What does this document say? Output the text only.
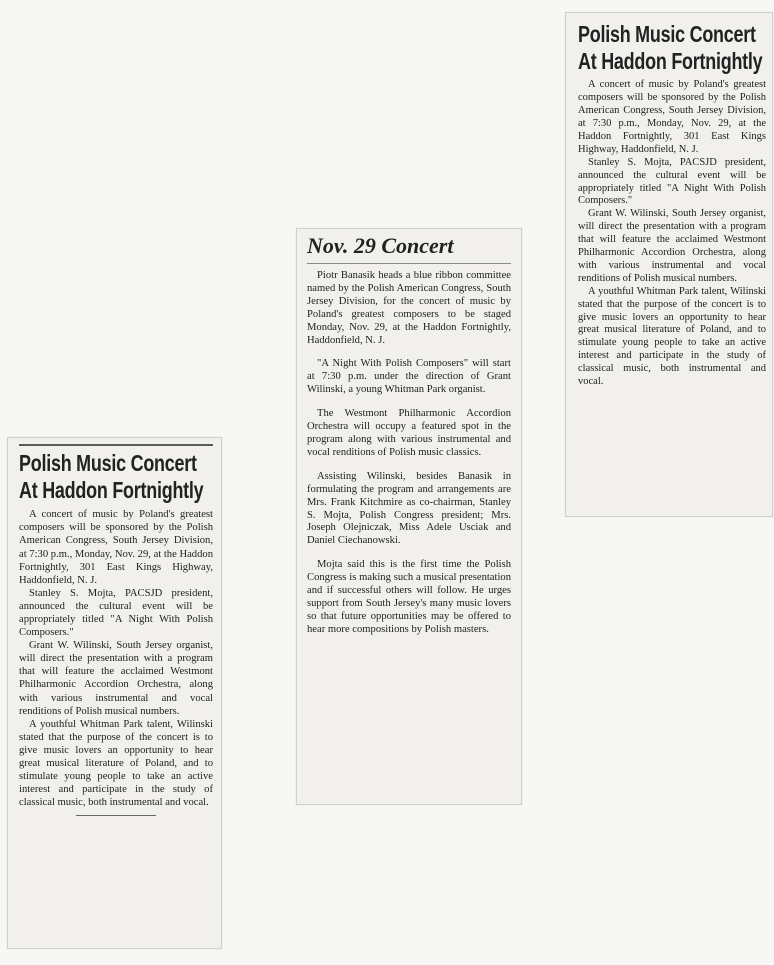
Polish Music Concert
At Haddon Fortnightly

A concert of music by Poland's greatest composers will be sponsored by the Polish American Congress, South Jersey Division, at 7:30 p.m., Monday, Nov. 29, at the Haddon Fortnightly, 301 East Kings Highway, Haddonfield, N. J.

Stanley S. Mojta, PACSJD president, announced the cultural event will be appropriately titled "A Night With Polish Composers."

Grant W. Wilinski, South Jersey organist, will direct the presentation with a program that will feature the acclaimed Westmont Philharmonic Accordion Orchestra, along with various instrumental and vocal renditions of Polish musical numbers.

A youthful Whitman Park talent, Wilinski stated that the purpose of the concert is to give music lovers an opportunity to hear great musical literature of Poland, and to stimulate young people to take an active interest and participate in the study of classical music, both instrumental and vocal.

Nov. 29 Concert

Piotr Banasik heads a blue ribbon committee named by the Polish American Congress, South Jersey Division, for the concert of music by Poland's greatest composers to be staged Monday, Nov. 29, at the Haddon Fortnightly, Haddonfield, N. J.

"A Night With Polish Composers" will start at 7:30 p.m. under the direction of Grant Wilinski, a young Whitman Park organist.

The Westmont Philharmonic Accordion Orchestra will occupy a featured spot in the program along with various instrumental and vocal renditions of Polish music classics.

Assisting Wilinski, besides Banasik in formulating the program and arrangements are Mrs. Frank Kitchmire as co-chairman, Stanley S. Mojta, Polish Congress president; Mrs. Joseph Olejniczak, Miss Adele Usciak and Daniel Ciechanowski.

Mojta said this is the first time the Polish Congress is making such a musical presentation and if successful others will follow. He urges support from South Jersey's many music lovers so that future opportunities may be offered to hear more compositions by Polish masters.

Polish Music Concert
At Haddon Fortnightly

A concert of music by Poland's greatest composers will be sponsored by the Polish American Congress, South Jersey Division, at 7:30 p.m., Monday, Nov. 29, at the Haddon Fortnightly, 301 East Kings Highway, Haddonfield, N. J.

Stanley S. Mojta, PACSJD president, announced the cultural event will be appropriately titled "A Night With Polish Composers."

Grant W. Wilinski, South Jersey organist, will direct the presentation with a program that will feature the acclaimed Westmont Philharmonic Accordion Orchestra, along with various instrumental and vocal renditions of Polish musical numbers.

A youthful Whitman Park talent, Wilinski stated that the purpose of the concert is to give music lovers an opportunity to hear great musical literature of Poland, and to stimulate young people to take an active interest and participate in the study of classical music, both instrumental and vocal.
